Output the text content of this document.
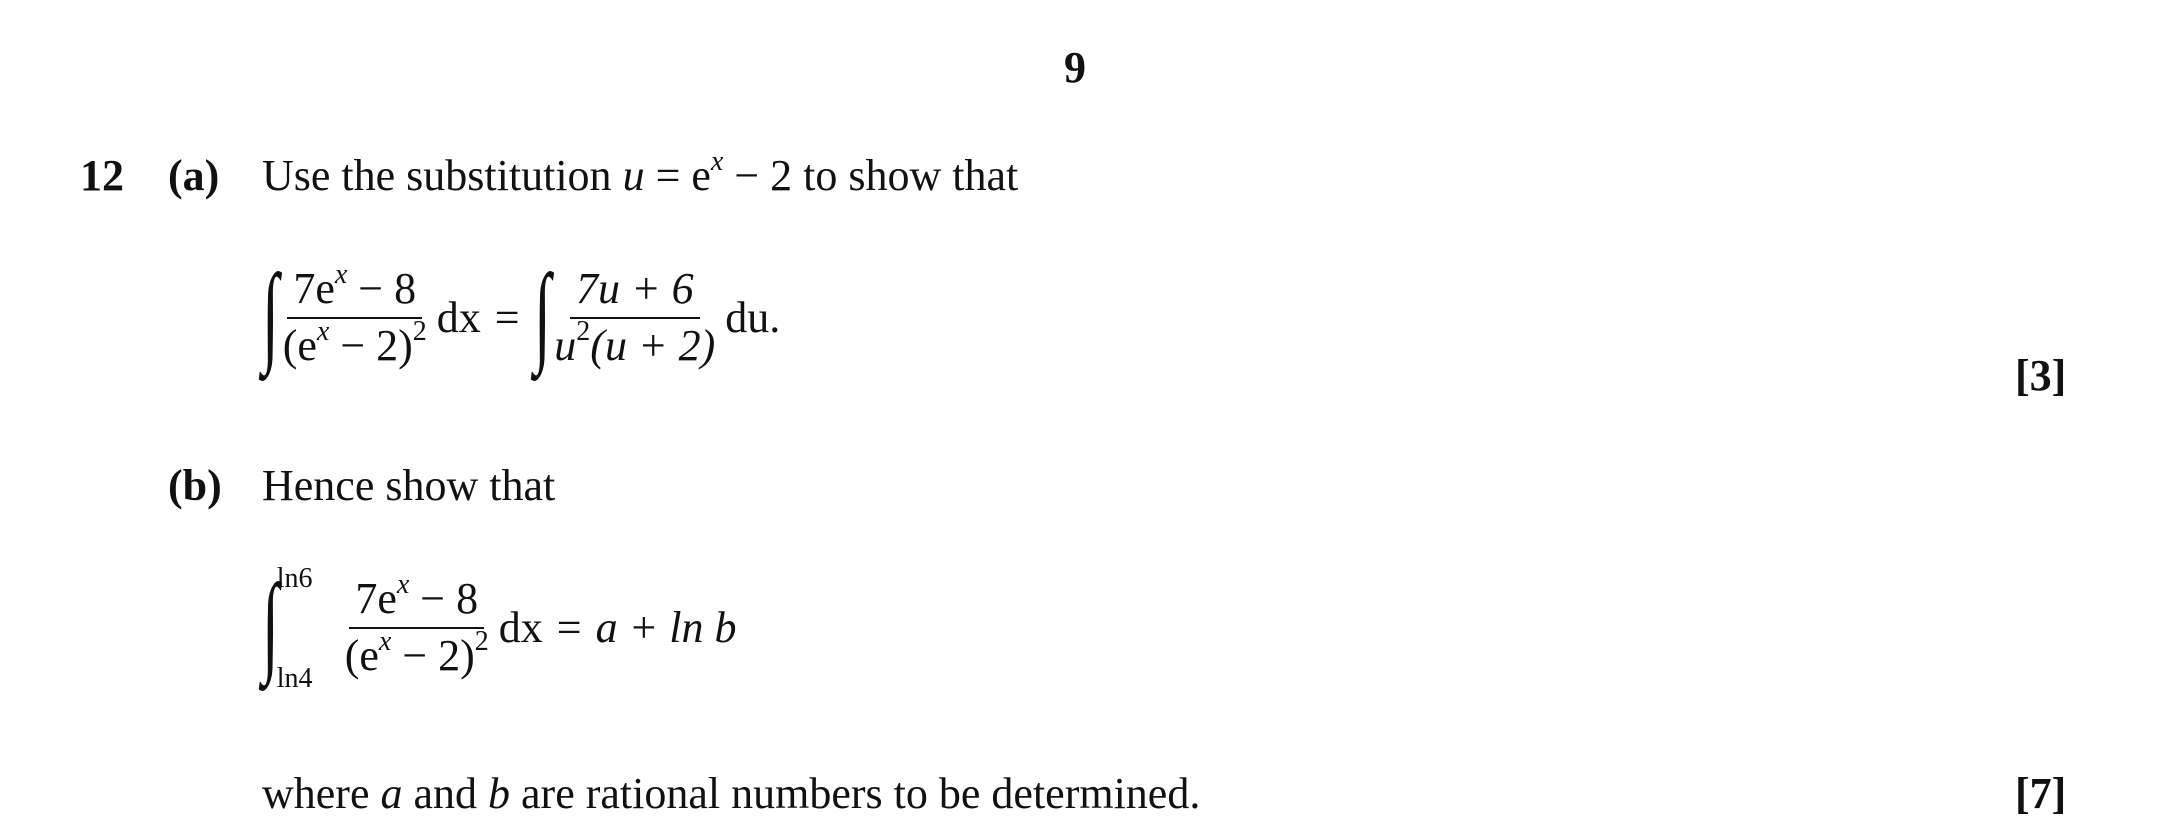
9
12 (a) Use the substitution $u = e^x - 2$ to show that
∫
$\frac{7e^x - 8}{(e^x - 2)^2}$ dx = ∫
$\frac{7u + 6}{u^2(u + 2)}$ du.
[3]
(b) Hence show that
∫
ln6
$\ln 4 \frac{7e^x - 8}{(e^x - 2)^2}$ dx = a + ln b
where a and b are rational numbers to be determined.	[7]
